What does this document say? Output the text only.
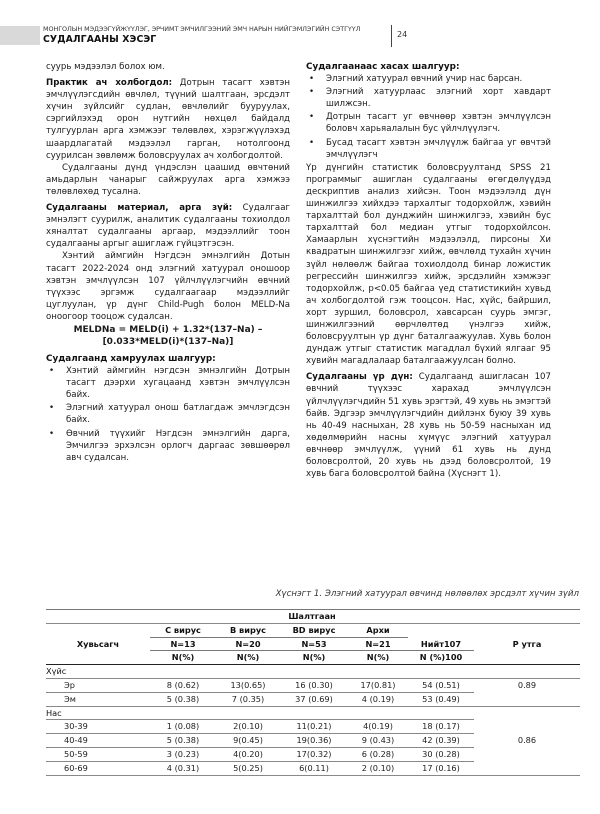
МОНГОЛЫН МЭДЭЭГҮЙЖҮҮЛЭГ, ЭРЧИМТ ЭМЧИЛГЭЭНИЙ ЭМЧ НАРЫН НИЙГЭМЛЭГИЙН СЭТГҮҮЛ
СУДАЛГААНЫ ХЭСЭГ	24

суурь мэдээлэл болох юм.

Практик ач холбогдол: Дотрын тасагт хэвтэн эмчлүүлэгсдийн өвчлөл, түүний шалтгаан, эрсдэлт хүчин зүйлсийг судлан, өвчлөлийг бууруулах, сэргийлэхэд орон нутгийн нөхцөл байдалд тулгуурлан арга хэмжээг төлөвлөх, хэрэгжүүлэхэд шаардлагатай мэдээлэл гарган, нотолгоонд суурилсан зөвлөмж боловсруулах ач холбогдолтой.

Судалгааны дүнд үндэслэн цаашид өвчтөний амьдарлын чанарыг сайжруулах арга хэмжээ төлөвлөхөд тусална.

Судалгааны материал, арга зүй: Судалгааг эмнэлэгт суурилж, аналитик судалгааны тохиолдол хяналтат судалгааны аргаар, мэдээллийг тоон судалгааны аргыг ашиглаж гүйцэтгэсэн.

Хэнтий аймгийн Нэгдсэн эмнэлгийн Дотын тасагт 2022-2024 онд элэгний хатуурал оношоор хэвтэн эмчлүүлсэн 107 үйлчлүүлэгчийн өвчний түүхээс эргэмж судалгаагаар мэдээллийг цуглуулан, үр дүнг Child-Pugh болон MELD-Na оноогоор тооцож судалсан.

MELDNa = MELD(i) + 1.32*(137–Na) –
[0.033*MELD(i)*(137–Na)]
Судалгаанд хамруулах шалгуур:
• Хэнтий аймгийн нэгдсэн эмнэлгийн Дотрын тасагт дээрхи хугацаанд хэвтэн эмчлүүлсэн байх.
• Элэгний хатуурал онош батлагдаж эмчлэгдсэн байх.
• Өвчний түүхийг Нэгдсэн эмнэлгийн дарга, Эмчилгээ эрхэлсэн орлогч даргаас зөвшөөрөл авч судалсан.
Судалгаанаас хасах шалгуур:
• Элэгний хатуурал өвчний учир нас барсан.
• Элэгний хатуурлаас элэгний хорт хавдарт шилжсэн.
• Дотрын тасагт уг өвчнөөр хэвтэн эмчлүүлсэн боловч харьяалалын бус үйлчлүүлэгч.
• Бусад тасагт хэвтэн эмчлүүлж байгаа уг өвчтэй эмчлүүлэгч

Үр дүнгийн статистик боловсруултанд SPSS 21 программыг ашиглан судалгааны өгөгдөлүүдэд дескриптив анализ хийсэн. Тоон мэдээлэлд дүн шинжилгээ хийхдээ тархалтыг тодорхойлж, хэвийн тархалттай бол дунджийн шинжилгээ, хэвийн бус тархалттай бол медиан утгыг тодорхойлсон. Хамаарлын хүснэгтийн мэдээлэлд, пирсоны Хи квадратын шинжилгээг хийж, өвчлөлд тухайн хүчин зүйл нөлөөлж байгаа тохиолдолд бинар ложистик регрессийн шинжилгээ хийж, эрсдэлийн хэмжээг тодорхойлж, p<0.05 байгаа үед статистикийн хувьд ач холбогдолтой гэж тооцсон. Нас, хүйс, байршил, хорт зуршил, боловсрол, хавсарсан суурь эмгэг, шинжилгээний өөрчлөлтөд үнэлгээ хийж, боловсруултын үр дүнг баталгаажуулав. Хувь болон дундаж утгыг статистик магадлал бүхий ялгааг 95 хувийн магадлалаар баталгаажуулсан болно.

Судалгааны үр дүн: Судалгаанд ашигласан 107 өвчний түүхээс харахад эмчлүүлсэн үйлчлүүлэгчдийн 51 хувь эрэгтэй, 49 хувь нь эмэгтэй байв. Эдгээр эмчлүүлэгчдийн дийлэнх буюу 39 хувь нь 40-49 насныхан, 28 хувь нь 50-59 насныхан ид хөдөлмөрийн насны хүмүүс элэгний хатуурал өвчнөөр эмчлүүлж, үүний 61 хувь нь дунд боловсролтой, 20 хувь нь дээд боловсролтой, 19 хувь бага боловсролтой байна (Хүснэгт 1).

Хүснэгт 1. Элэгний хатуурал өвчинд нөлөөлөх эрсдэлт хүчин зүйл
	Шалтгаан					
Хувьсагч	С вирус	В вирус	BD вирус	Архи	Нийт107	P утга
	N=13	N=20	N=53	N=21		
	N(%)	N(%)	N(%)	N(%)	N (%)100	
Хүйс						
Эр	8 (0.62)	13(0.65)	16 (0.30)	17(0.81)	54 (0.51)	0.89
Эм	5 (0.38)	7 (0.35)	37 (0.69)	4 (0.19)	53 (0.49)	
Нас						
30-39	1 (0.08)	2(0.10)	11(0.21)	4(0.19)	18 (0.17)	
40-49	5 (0.38)	9(0.45)	19(0.36)	9 (0.43)	42 (0.39)	0.86
50-59	3 (0.23)	4(0.20)	17(0.32)	6 (0.28)	30 (0.28)	
60-69	4 (0.31)	5(0.25)	6(0.11)	2 (0.10)	17 (0.16)	
